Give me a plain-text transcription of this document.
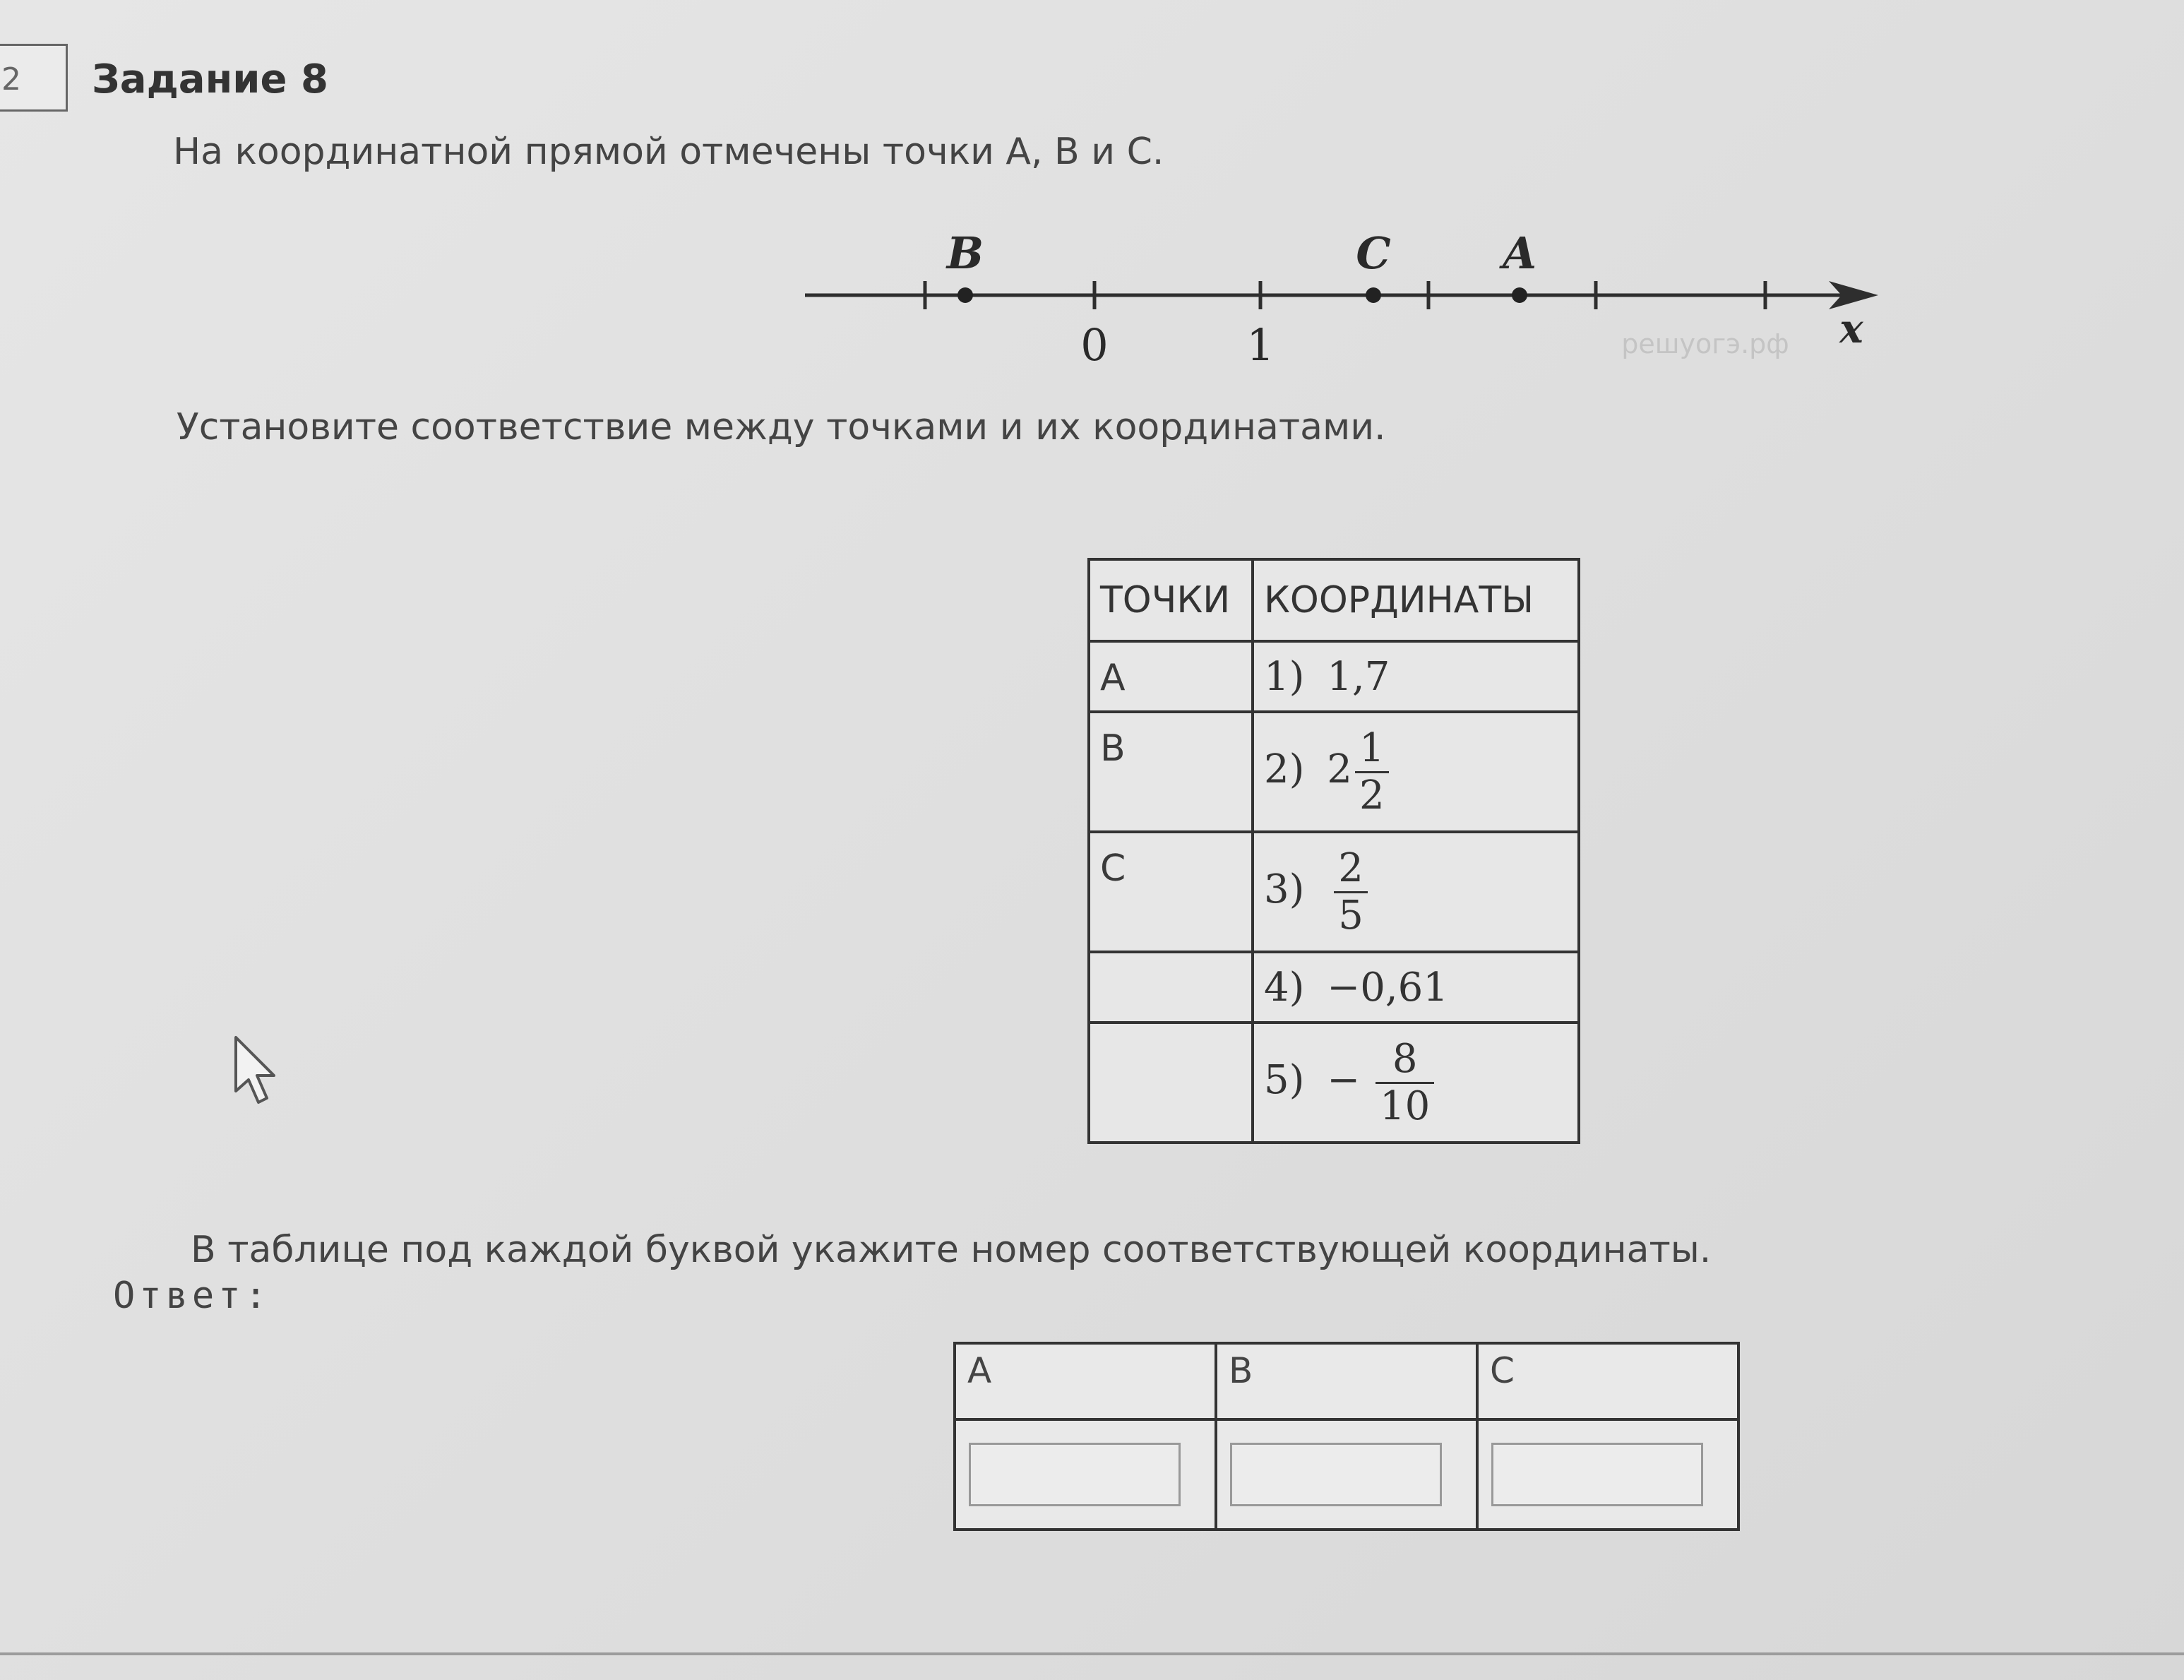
2	Задание 8
На координатной прямой отмечены точки A, B и C.
B	C	A
0	1	x
решуогэ.рф
Установите соответствие между точками и их координатами.
ТОЧКИ	КООРДИНАТЫ
A	1) 1,7
B	2) $2 \frac{1}{2}$

C	$3) \frac{2}{5}$

	4) −0,61
	$5) - \frac{8}{10}$
В таблице под каждой буквой укажите номер соответствующей координаты.
Ответ:
A	B	C
